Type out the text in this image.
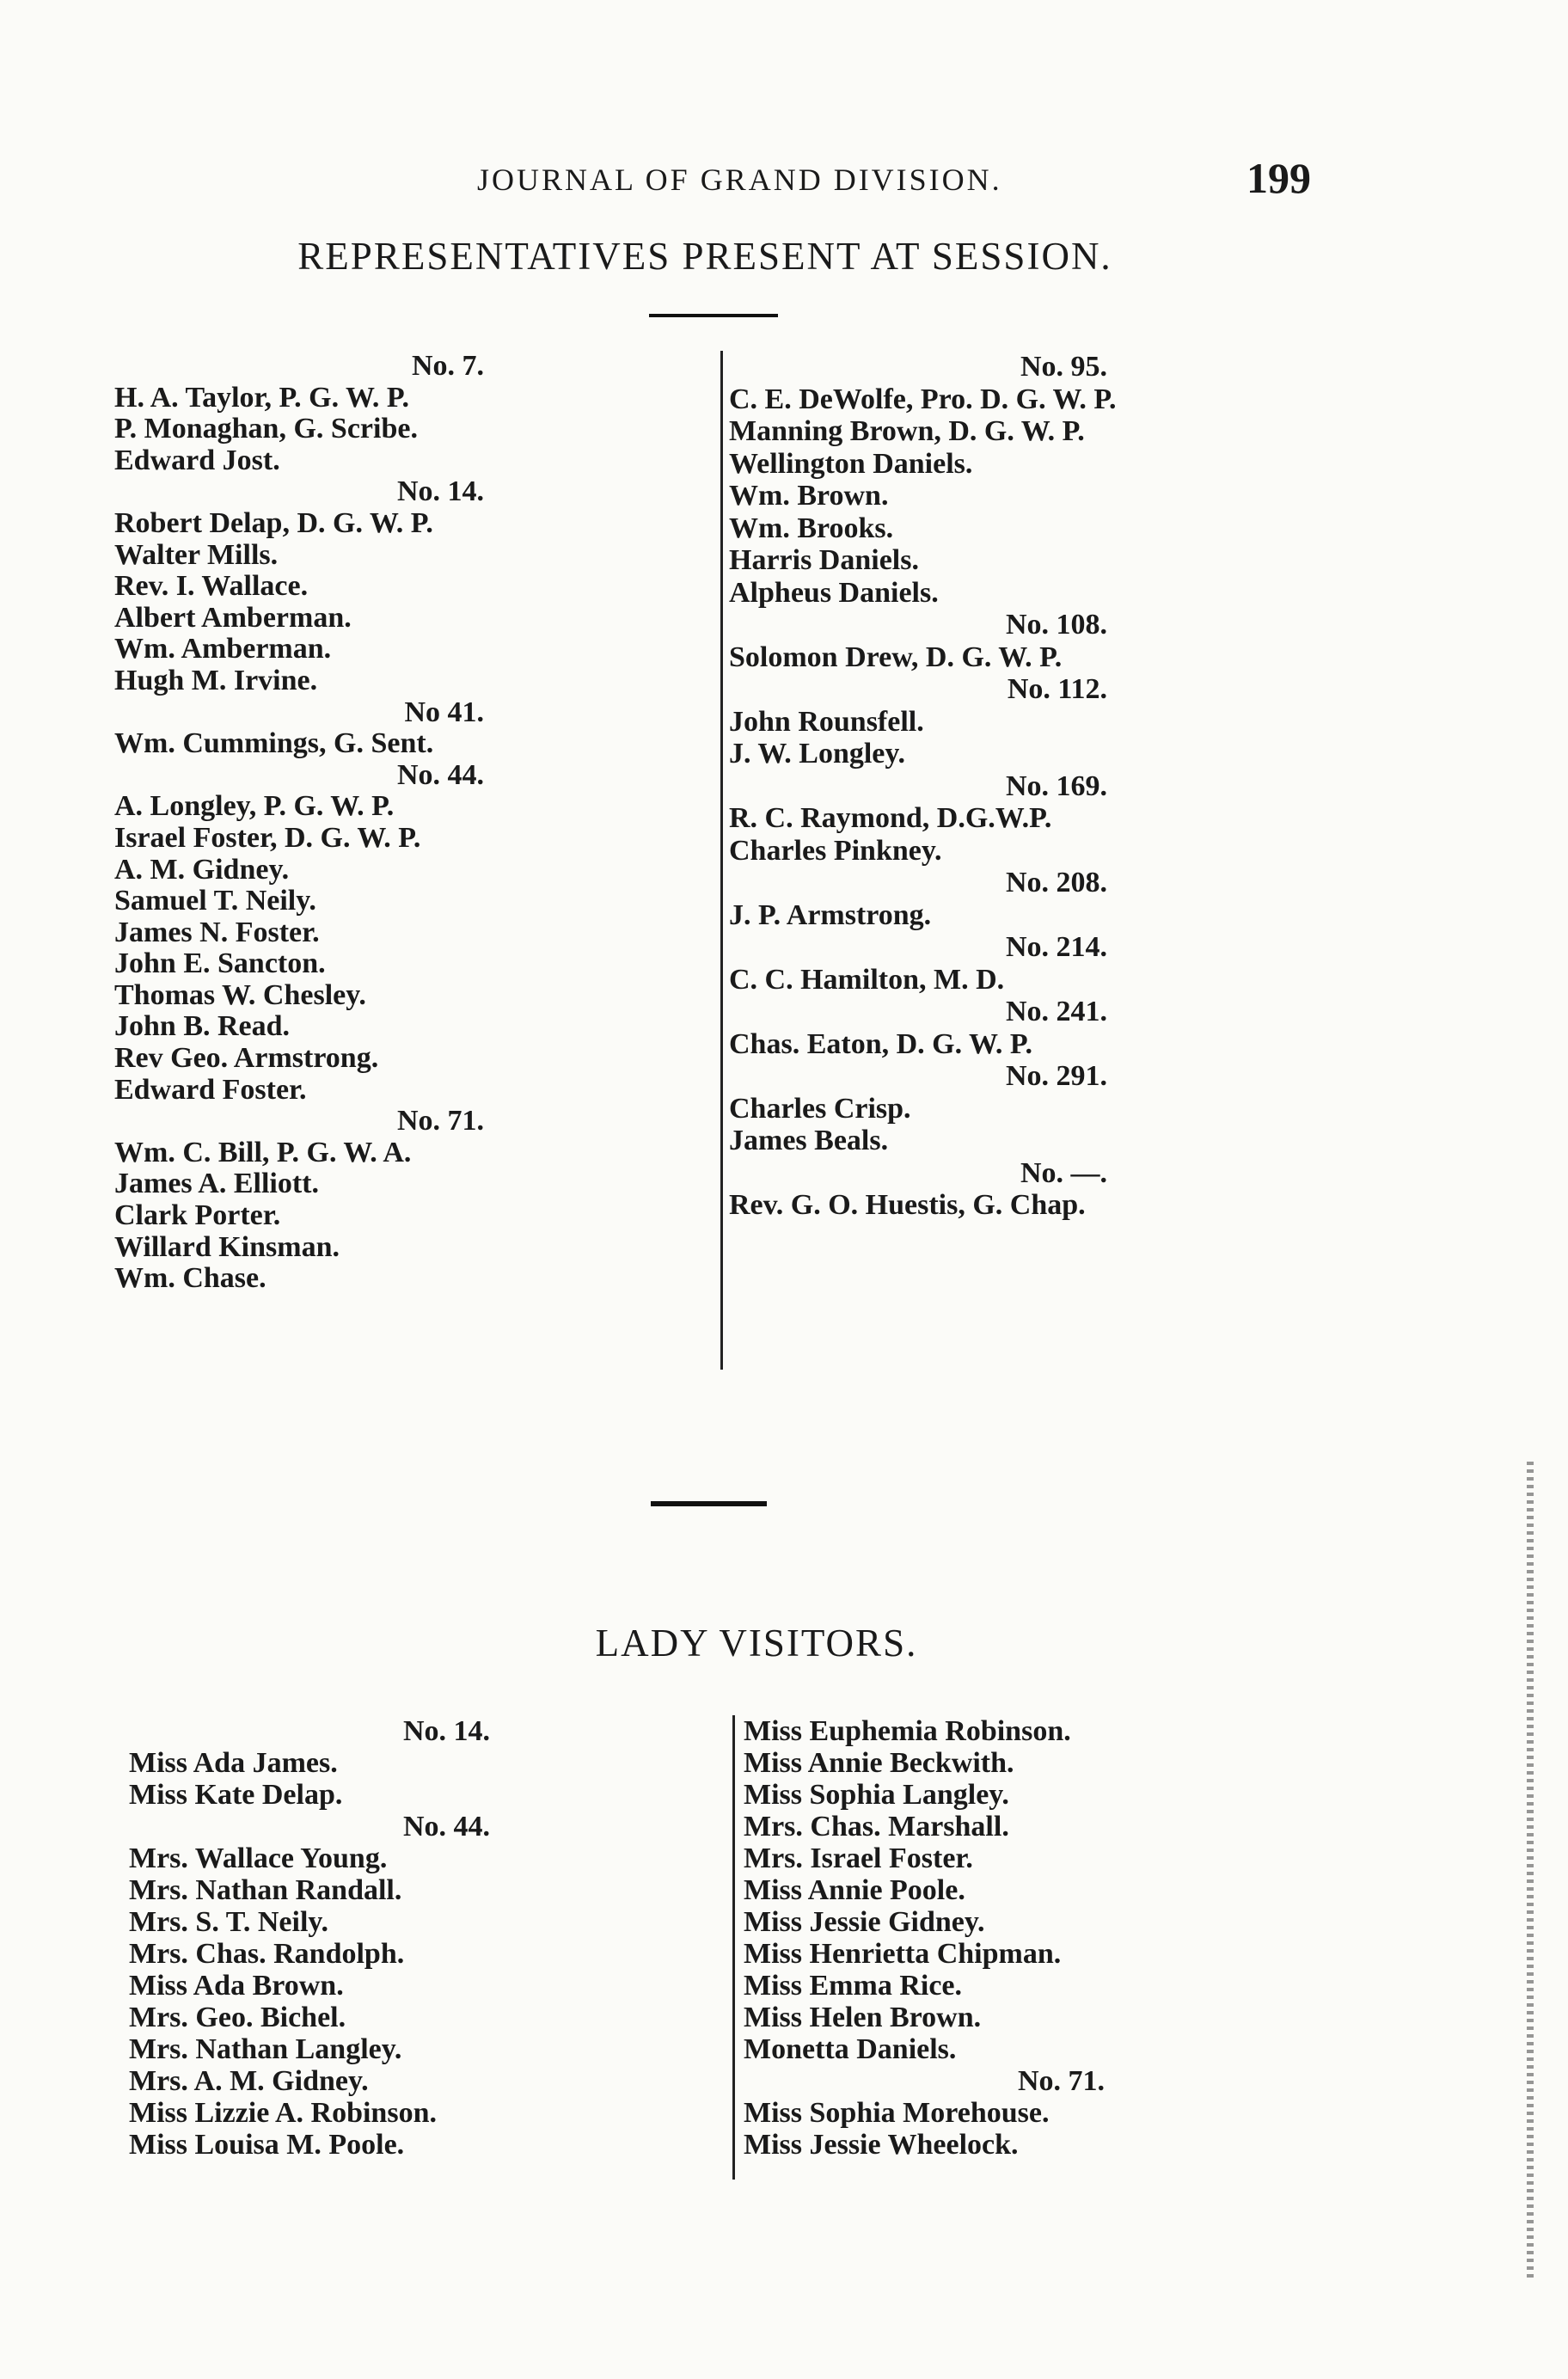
JOURNAL OF GRAND DIVISION.	199
REPRESENTATIVES PRESENT AT SESSION.
No. 7.
H. A. Taylor, P. G. W. P.
P. Monaghan, G. Scribe.
Edward Jost.
No. 14.
Robert Delap, D. G. W. P.
Walter Mills.
Rev. I. Wallace.
Albert Amberman.
Wm. Amberman.
Hugh M. Irvine.
No 41.
Wm. Cummings, G. Sent.
No. 44.
A. Longley, P. G. W. P.
Israel Foster, D. G. W. P.
A. M. Gidney.
Samuel T. Neily.
James N. Foster.
John E. Sancton.
Thomas W. Chesley.
John B. Read.
Rev Geo. Armstrong.
Edward Foster.
No. 71.
Wm. C. Bill, P. G. W. A.
James A. Elliott.
Clark Porter.
Willard Kinsman.
Wm. Chase.
No. 95.
C. E. DeWolfe, Pro. D. G. W. P.
Manning Brown, D. G. W. P.
Wellington Daniels.
Wm. Brown.
Wm. Brooks.
Harris Daniels.
Alpheus Daniels.
No. 108.
Solomon Drew, D. G. W. P.
No. 112.
John Rounsfell.
J. W. Longley.
No. 169.
R. C. Raymond, D.G.W.P.
Charles Pinkney.
No. 208.
J. P. Armstrong.
No. 214.
C. C. Hamilton, M. D.
No. 241.
Chas. Eaton, D. G. W. P.
No. 291.
Charles Crisp.
James Beals.
No. —.
Rev. G. O. Huestis, G. Chap.
LADY VISITORS.
No. 14.
Miss Ada James.
Miss Kate Delap.
No. 44.
Mrs. Wallace Young.
Mrs. Nathan Randall.
Mrs. S. T. Neily.
Mrs. Chas. Randolph.
Miss Ada Brown.
Mrs. Geo. Bichel.
Mrs. Nathan Langley.
Mrs. A. M. Gidney.
Miss Lizzie A. Robinson.
Miss Louisa M. Poole.
Miss Euphemia Robinson.
Miss Annie Beckwith.
Miss Sophia Langley.
Mrs. Chas. Marshall.
Mrs. Israel Foster.
Miss Annie Poole.
Miss Jessie Gidney.
Miss Henrietta Chipman.
Miss Emma Rice.
Miss Helen Brown.
Monetta Daniels.
No. 71.
Miss Sophia Morehouse.
Miss Jessie Wheelock.
